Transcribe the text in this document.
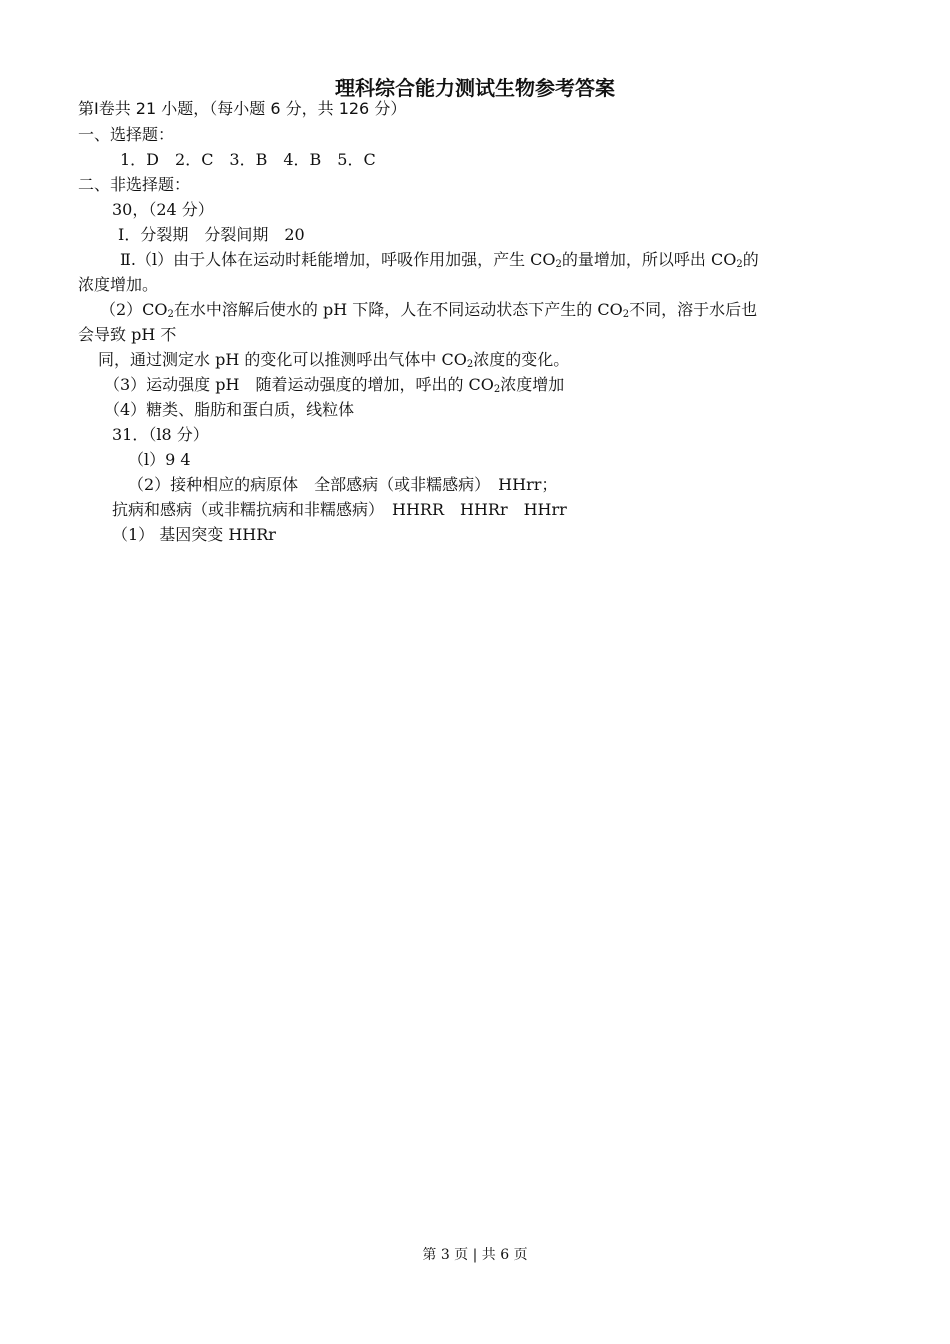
理科综合能力测试生物参考答案
第Ⅰ卷共 21 小题，（每小题 6 分，共 126 分）
一、选择题：
1．D　2．C　3．B　4．B　5．C
二、非选择题：
30，（24 分）
Ⅰ．分裂期　分裂间期　20
Ⅱ.（l）由于人体在运动时耗能增加，呼吸作用加强，产生 $CO_2$的量增加，所以呼出 $CO_2$的
浓度增加。
$(2)CO_2$在水中溶解后使水的 pH 下降，人在不同运动状态下产生的 $CO_2$不同，溶于水后也
会导致 pH 不
同，通过测定水 pH 的变化可以推测呼出气体中 $CO_2$浓度的变化。
（3）运动强度 pH　随着运动强度的增加，呼出的 $CO_2$浓度增加
（4）糖类、脂肪和蛋白质，线粒体
31．（l8 分）
（l）9 4
（2）接种相应的病原体　全部感病（或非糯感病）　HHrr；
抗病和感病（或非糯抗病和非糯感病）　HHRR　HHRr　HHrr
（1） 基因突变 HHRr
第 3 页 | 共 6 页
